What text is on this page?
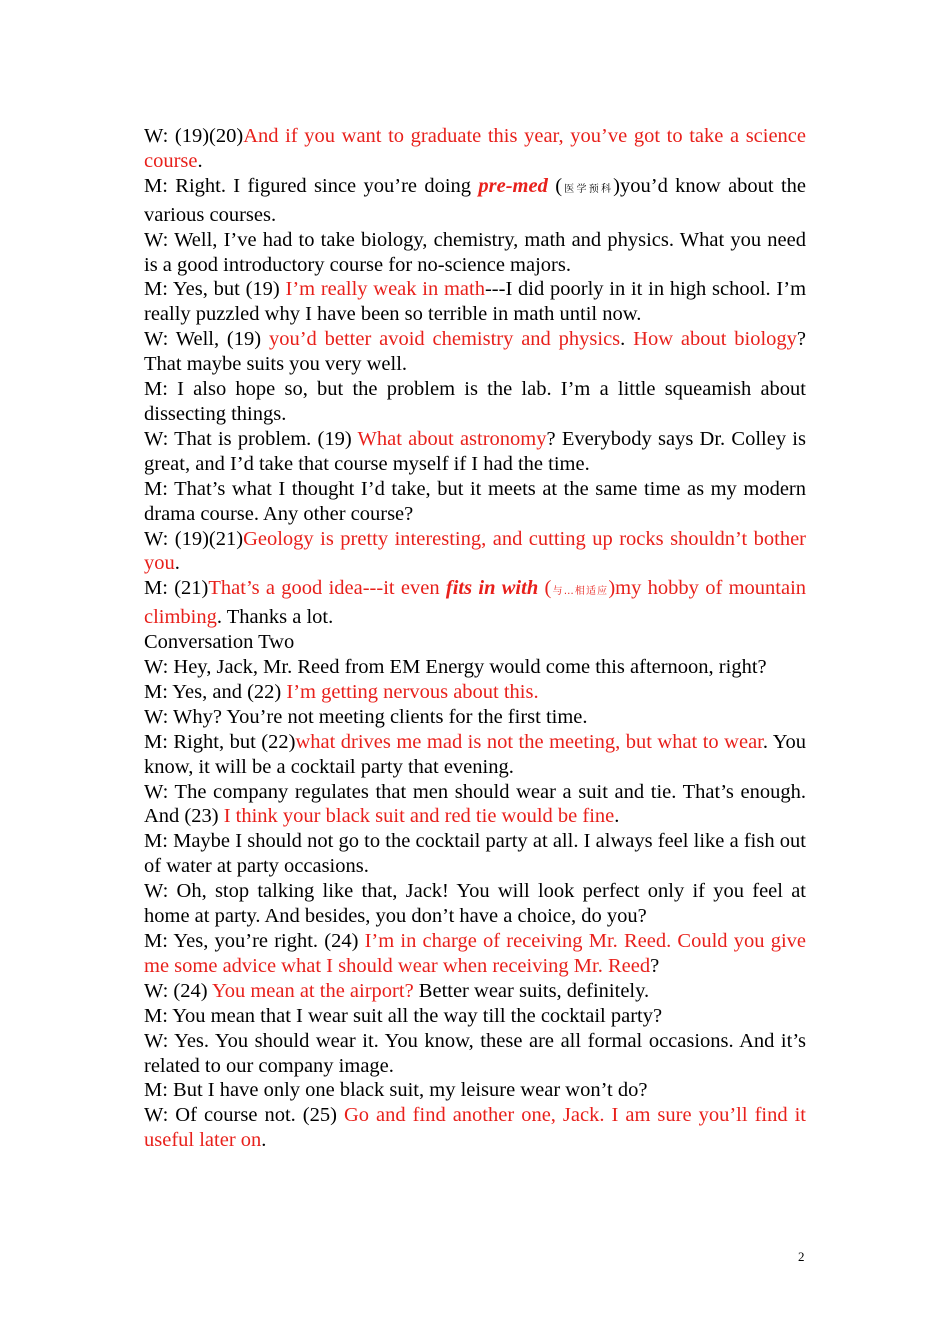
W: (19)(20)And if you want to graduate this year, you’ve got to take a science course.

M: Right. I figured since you’re doing pre-med (医学预科)you’d know about the various courses.

W: Well, I’ve had to take biology, chemistry, math and physics. What you need is a good introductory course for no-science majors.

M: Yes, but (19) I’m really weak in math---I did poorly in it in high school. I’m really puzzled why I have been so terrible in math until now.

W: Well, (19) you’d better avoid chemistry and physics. How about biology? That maybe suits you very well.

M: I also hope so, but the problem is the lab. I’m a little squeamish about dissecting things.

W: That is problem. (19) What about astronomy? Everybody says Dr. Colley is great, and I’d take that course myself if I had the time.

M: That’s what I thought I’d take, but it meets at the same time as my modern drama course. Any other course?

W: (19)(21)Geology is pretty interesting, and cutting up rocks shouldn’t bother you.

M: (21)That’s a good idea---it even fits in with (与…相适应)my hobby of mountain climbing. Thanks a lot.

Conversation Two

W: Hey, Jack, Mr. Reed from EM Energy would come this afternoon, right?

M: Yes, and (22) I’m getting nervous about this.

W: Why? You’re not meeting clients for the first time.

M: Right, but (22)what drives me mad is not the meeting, but what to wear. You know, it will be a cocktail party that evening.

W: The company regulates that men should wear a suit and tie. That’s enough. And (23) I think your black suit and red tie would be fine.

M: Maybe I should not go to the cocktail party at all. I always feel like a fish out of water at party occasions.

W: Oh, stop talking like that, Jack! You will look perfect only if you feel at home at party. And besides, you don’t have a choice, do you?

M: Yes, you’re right. (24) I’m in charge of receiving Mr. Reed. Could you give me some advice what I should wear when receiving Mr. Reed?

W: (24) You mean at the airport? Better wear suits, definitely.

M: You mean that I wear suit all the way till the cocktail party?

W: Yes. You should wear it. You know, these are all formal occasions. And it’s related to our company image.

M: But I have only one black suit, my leisure wear won’t do?

W: Of course not. (25) Go and find another one, Jack. I am sure you’ll find it useful later on.

2
